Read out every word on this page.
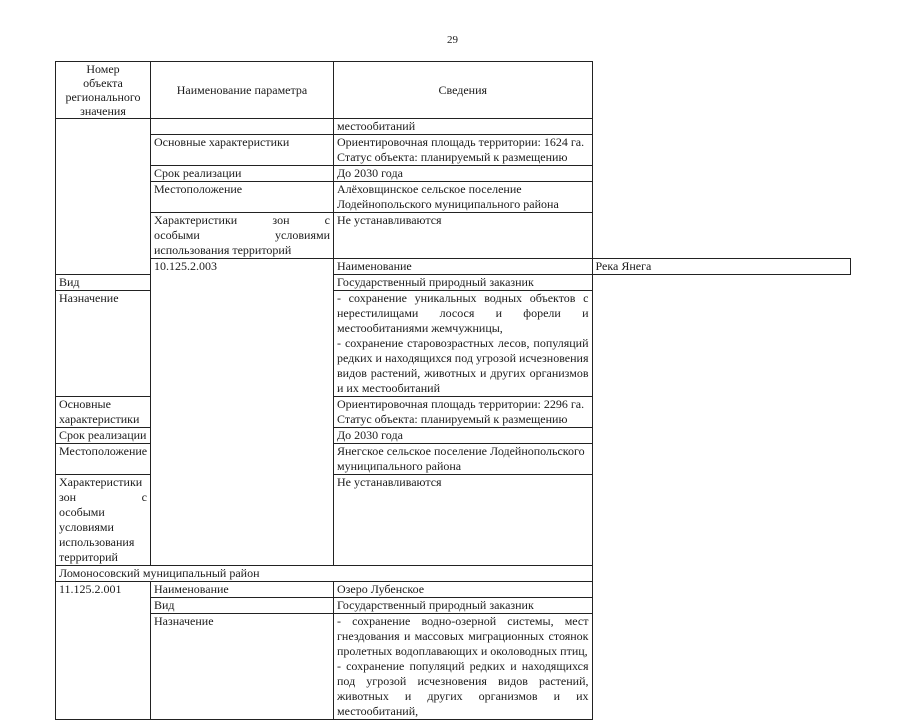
29
Номер
объекта
регионального
значения	Наименование параметра	Сведения	
		местообитаний	
	Основные характеристики	Ориентировочная площадь территории: 1624 га.
Статус объекта: планируемый к размещению	

	Срок реализации	До 2030 года	
	Местоположение	Алёховщинское сельское поселение Лодейнопольского муниципального района	

	Характеристики зон с
особыми условиями
использования территорий	Не устанавливаются	
	10.125.2.003	Наименование	Река Янега
Вид		Государственный природный заказник	
Назначение		- сохранение уникальных водных объектов с нерестилищами лосося и форели и местообитаниями жемчужницы,

- сохранение старовозрастных лесов, популяций редких и находящихся под угрозой исчезновения видов растений, животных и других организмов и их местообитаний	

Основные характеристики		Ориентировочная площадь территории: 2296 га.
Статус объекта: планируемый к размещению	

Срок реализации		До 2030 года	
Местоположение		Янегское сельское поселение Лодейнопольского муниципального района	

Характеристики зон с
особыми условиями
использования территорий		Не устанавливаются	
Ломоносовский муниципальный район			
11.125.2.001	Наименование	Озеро Лубенское	
	Вид	Государственный природный заказник	
	Назначение	- сохранение водно-озерной системы, мест гнездования и массовых миграционных стоянок пролетных водоплавающих и околоводных птиц,

- сохранение популяций редких и находящихся под угрозой исчезновения видов растений, животных и других организмов и их местообитаний,	
